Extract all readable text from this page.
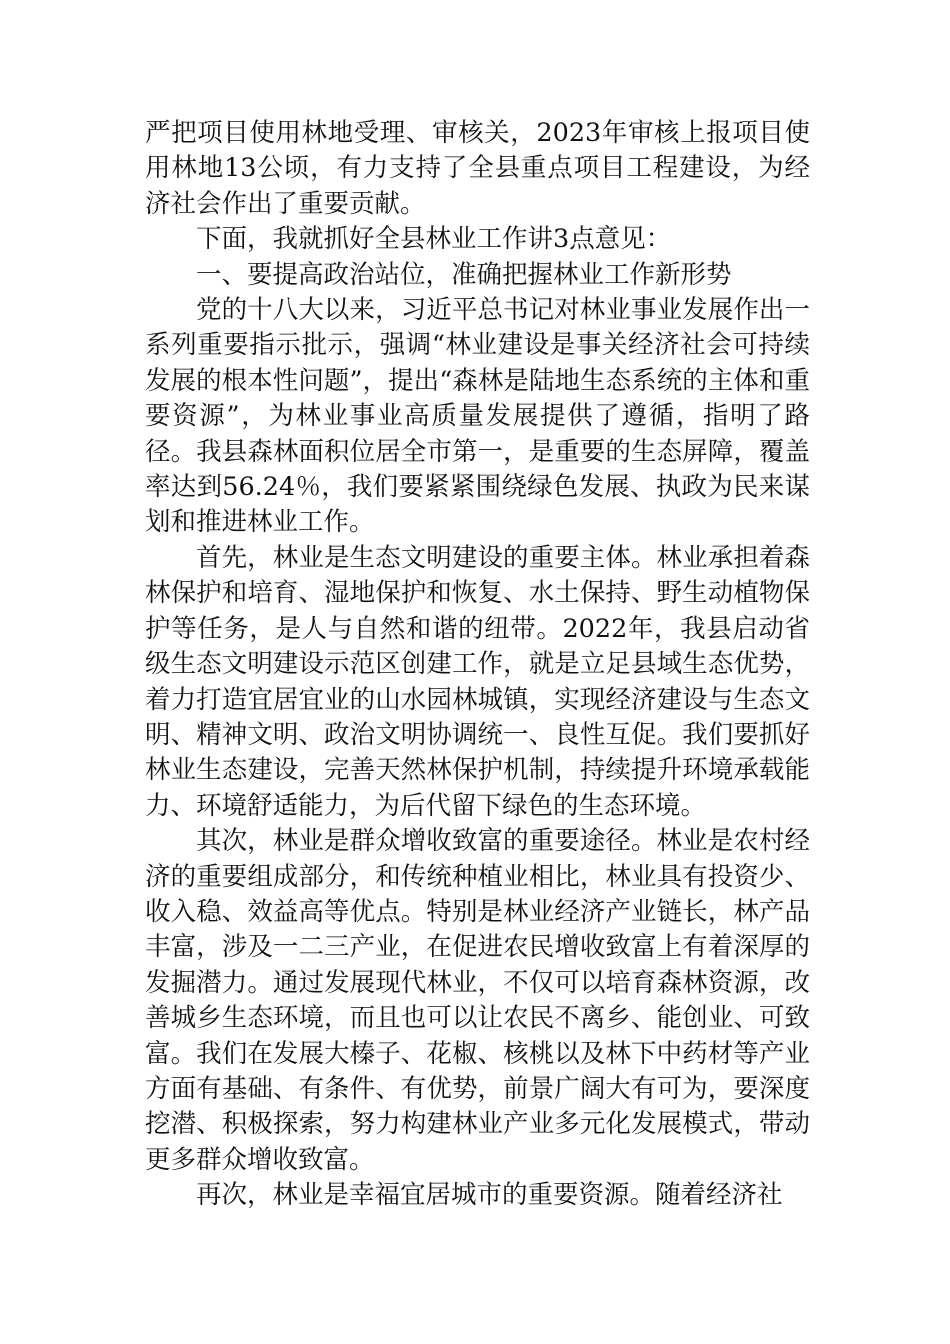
严把项目使用林地受理、审核关，2023年审核上报项目使用林地13公顷，有力支持了全县重点项目工程建设，为经济社会作出了重要贡献。

下面，我就抓好全县林业工作讲3点意见：

一、要提高政治站位，准确把握林业工作新形势

党的十八大以来，习近平总书记对林业事业发展作出一系列重要指示批示，强调“林业建设是事关经济社会可持续发展的根本性问题”，提出“森林是陆地生态系统的主体和重要资源”，为林业事业高质量发展提供了遵循，指明了路径。我县森林面积位居全市第一，是重要的生态屏障，覆盖率达到56.24％，我们要紧紧围绕绿色发展、执政为民来谋划和推进林业工作。

首先，林业是生态文明建设的重要主体。林业承担着森林保护和培育、湿地保护和恢复、水土保持、野生动植物保护等任务，是人与自然和谐的纽带。2022年，我县启动省级生态文明建设示范区创建工作，就是立足县域生态优势，着力打造宜居宜业的山水园林城镇，实现经济建设与生态文明、精神文明、政治文明协调统一、良性互促。我们要抓好林业生态建设，完善天然林保护机制，持续提升环境承载能力、环境舒适能力，为后代留下绿色的生态环境。

其次，林业是群众增收致富的重要途径。林业是农村经济的重要组成部分，和传统种植业相比，林业具有投资少、收入稳、效益高等优点。特别是林业经济产业链长，林产品丰富，涉及一二三产业，在促进农民增收致富上有着深厚的发掘潜力。通过发展现代林业，不仅可以培育森林资源，改善城乡生态环境，而且也可以让农民不离乡、能创业、可致富。我们在发展大榛子、花椒、核桃以及林下中药材等产业方面有基础、有条件、有优势，前景广阔大有可为，要深度挖潜、积极探索，努力构建林业产业多元化发展模式，带动更多群众增收致富。

再次，林业是幸福宜居城市的重要资源。随着经济社
